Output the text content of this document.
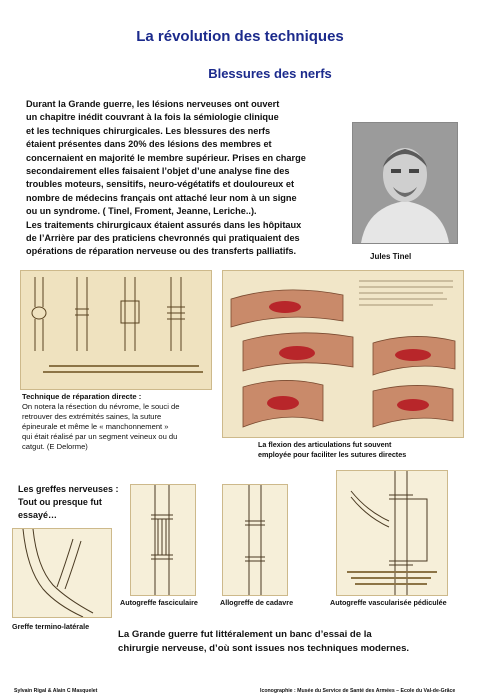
La révolution des techniques
Blessures des nerfs

Durant la Grande guerre, les lésions nerveuses ont ouvert

un chapitre inédit couvrant à la fois la sémiologie clinique

et les techniques chirurgicales. Les blessures des nerfs

étaient présentes dans 20% des lésions des membres et

concernaient en majorité le membre supérieur. Prises en charge

secondairement elles faisaient l’objet d’une analyse fine des

troubles moteurs, sensitifs, neuro-végétatifs et douloureux et

nombre de médecins français ont attaché leur nom à un signe

ou un syndrome. ( Tinel, Froment, Jeanne, Leriche..).

Les traitements chirurgicaux étaient assurés dans les hôpitaux

de l’Arrière par des praticiens chevronnés qui pratiquaient des

opérations de réparation nerveuse ou des transferts palliatifs.

Jules Tinel
Technique de réparation directe :
On notera la résection du névrome, le souci de
retrouver des extrémités saines, la suture
épineurale et même le « manchonnement »
qui était réalisé par un segment veineux ou du
catgut. (E Delorme)	La flexion des articulations fut souvent
employée pour faciliter les sutures directes
Les greffes nerveuses :
Tout ou presque fut
essayé…
Greffe termino-latérale
Autogreffe fasciculaire	Allogreffe de cadavre	Autogreffe vascularisée pédiculée
La Grande guerre fut littéralement un banc d’essai de la
chirurgie nerveuse, d’où sont issues nos techniques modernes.
Sylvain Rigal & Alain C Masquelet	Iconographie : Musée du Service de Santé des Armées – Ecole du Val-de-Grâce
